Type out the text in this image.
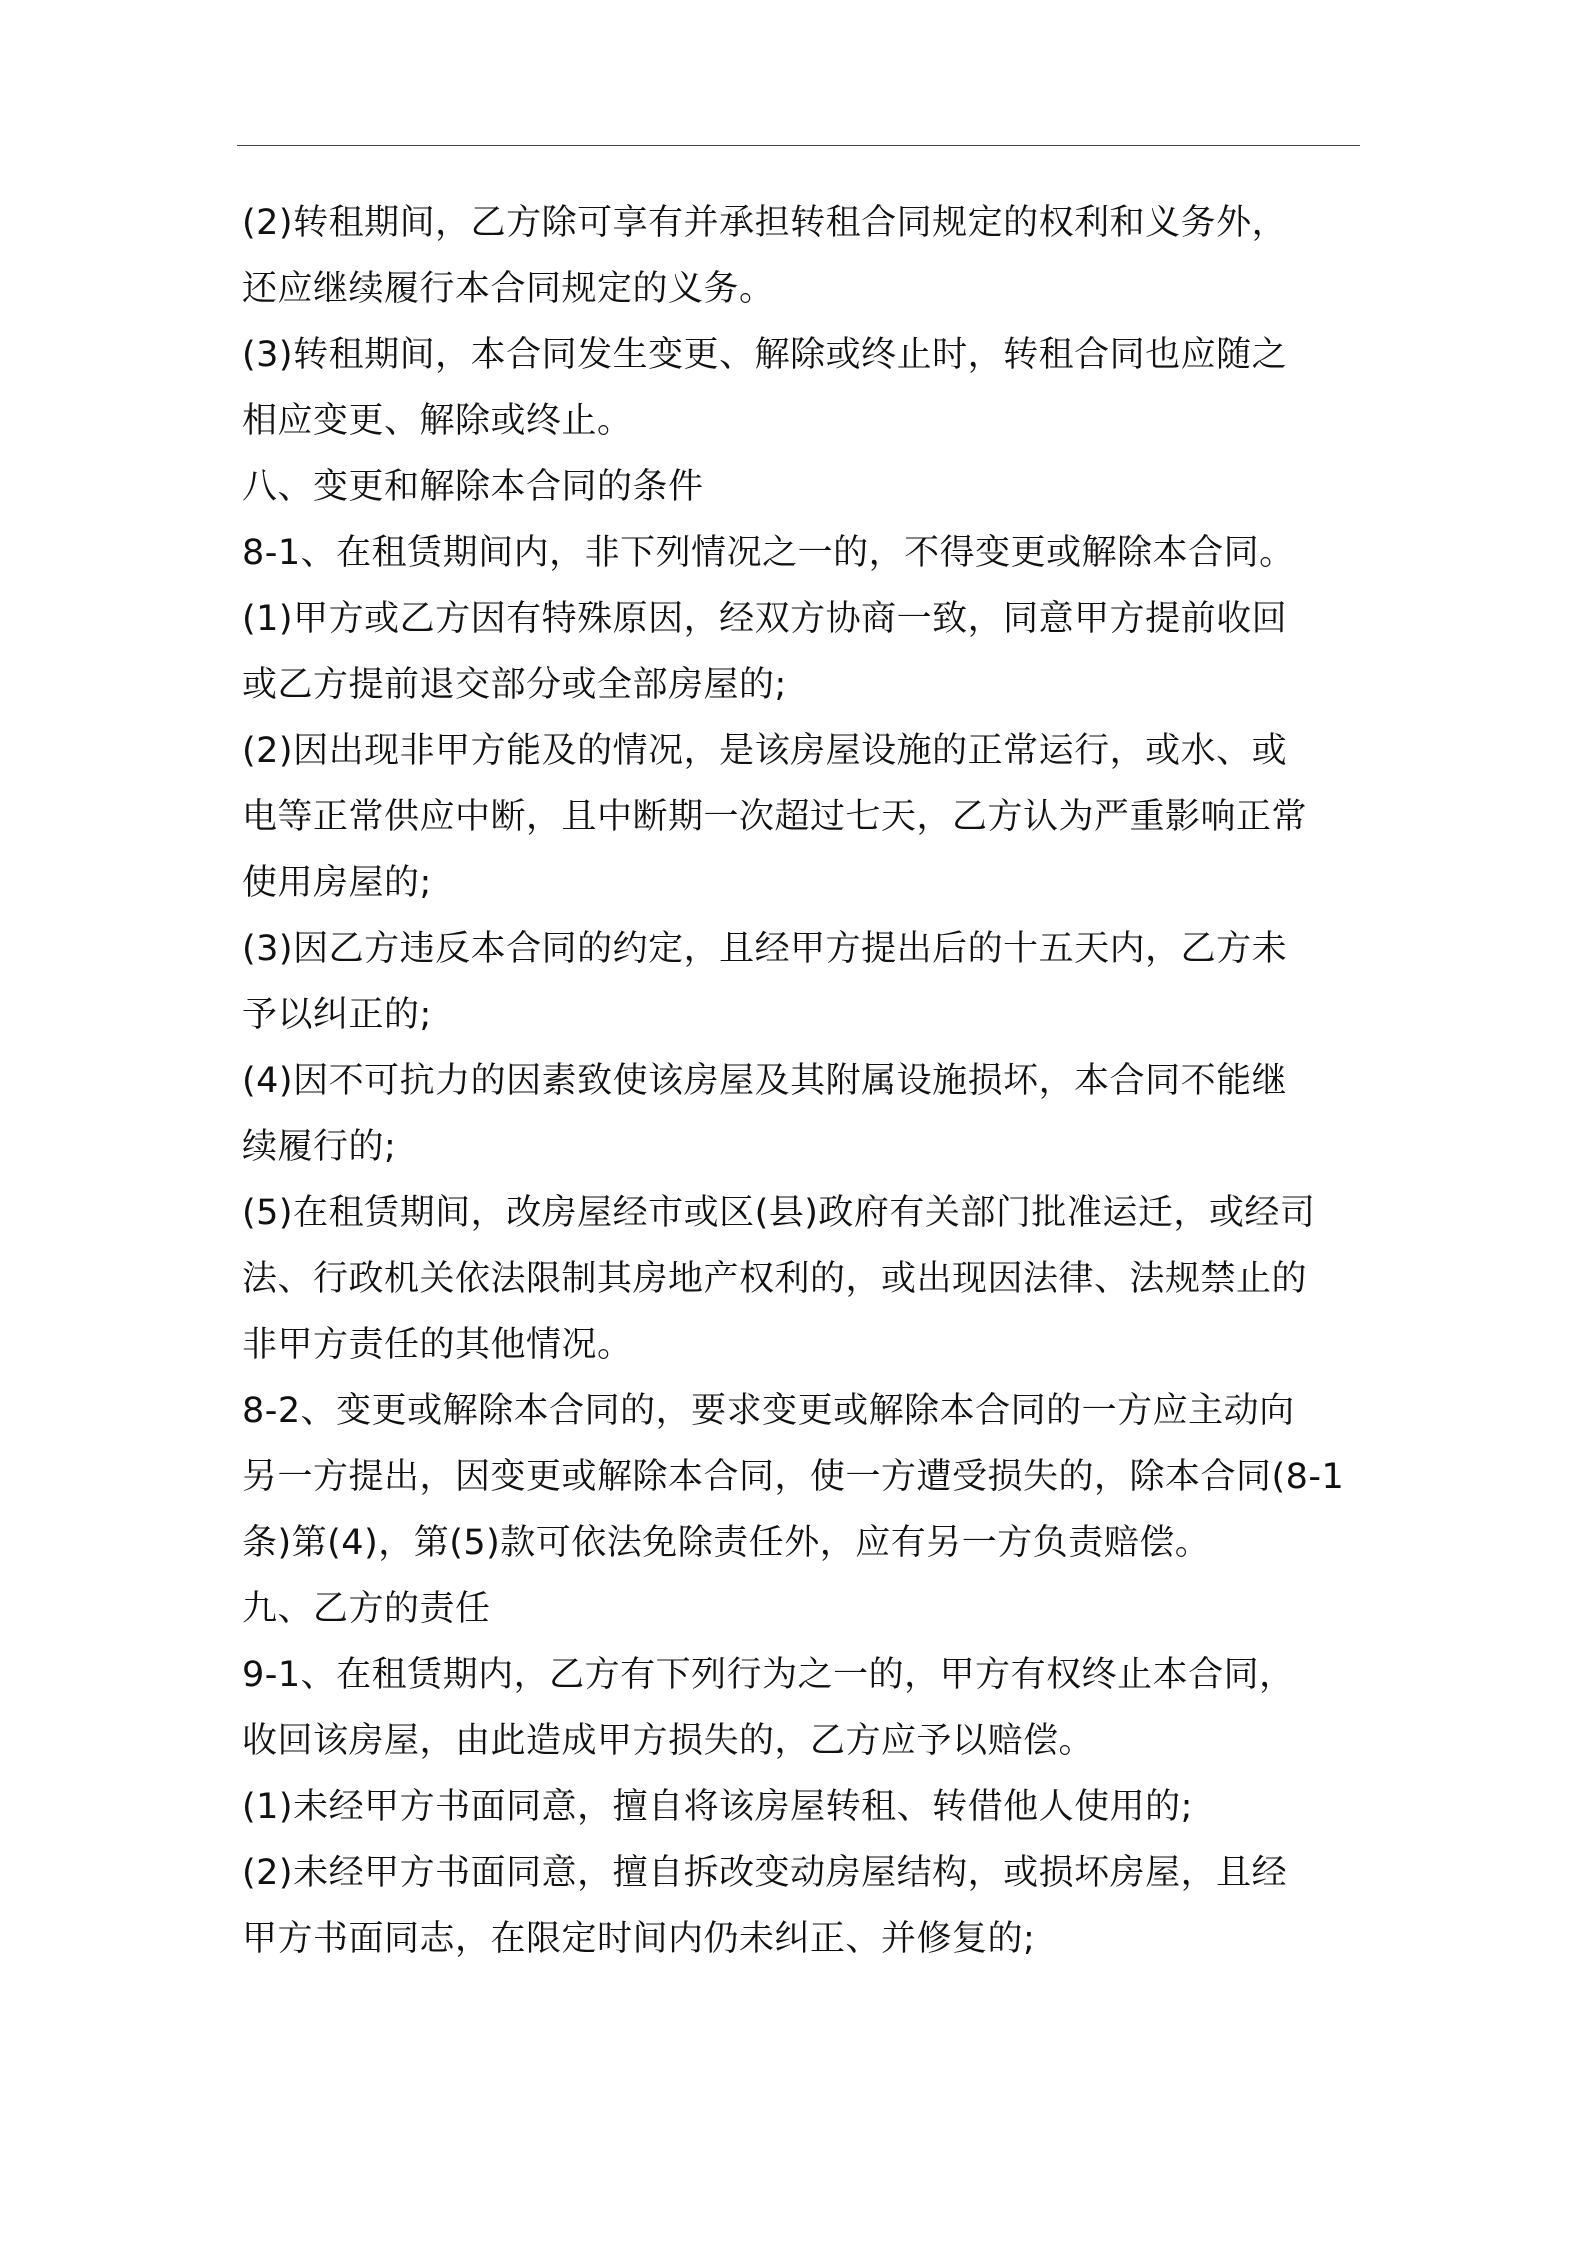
(2)转租期间，乙方除可享有并承担转租合同规定的权利和义务外，
还应继续履行本合同规定的义务。

(3)转租期间，本合同发生变更、解除或终止时，转租合同也应随之
相应变更、解除或终止。

八、变更和解除本合同的条件

8-1、在租赁期间内，非下列情况之一的，不得变更或解除本合同。

(1)甲方或乙方因有特殊原因，经双方协商一致，同意甲方提前收回
或乙方提前退交部分或全部房屋的;

(2)因出现非甲方能及的情况，是该房屋设施的正常运行，或水、或
电等正常供应中断，且中断期一次超过七天，乙方认为严重影响正常
使用房屋的;

(3)因乙方违反本合同的约定，且经甲方提出后的十五天内，乙方未
予以纠正的;

(4)因不可抗力的因素致使该房屋及其附属设施损坏，本合同不能继
续履行的;

(5)在租赁期间，改房屋经市或区(县)政府有关部门批准运迁，或经司
法、行政机关依法限制其房地产权利的，或出现因法律、法规禁止的
非甲方责任的其他情况。

8-2、变更或解除本合同的，要求变更或解除本合同的一方应主动向
另一方提出，因变更或解除本合同，使一方遭受损失的，除本合同(8-1
条)第(4)，第(5)款可依法免除责任外，应有另一方负责赔偿。

九、乙方的责任

9-1、在租赁期内，乙方有下列行为之一的，甲方有权终止本合同，
收回该房屋，由此造成甲方损失的，乙方应予以赔偿。

(1)未经甲方书面同意，擅自将该房屋转租、转借他人使用的;

(2)未经甲方书面同意，擅自拆改变动房屋结构，或损坏房屋，且经
甲方书面同志，在限定时间内仍未纠正、并修复的;
